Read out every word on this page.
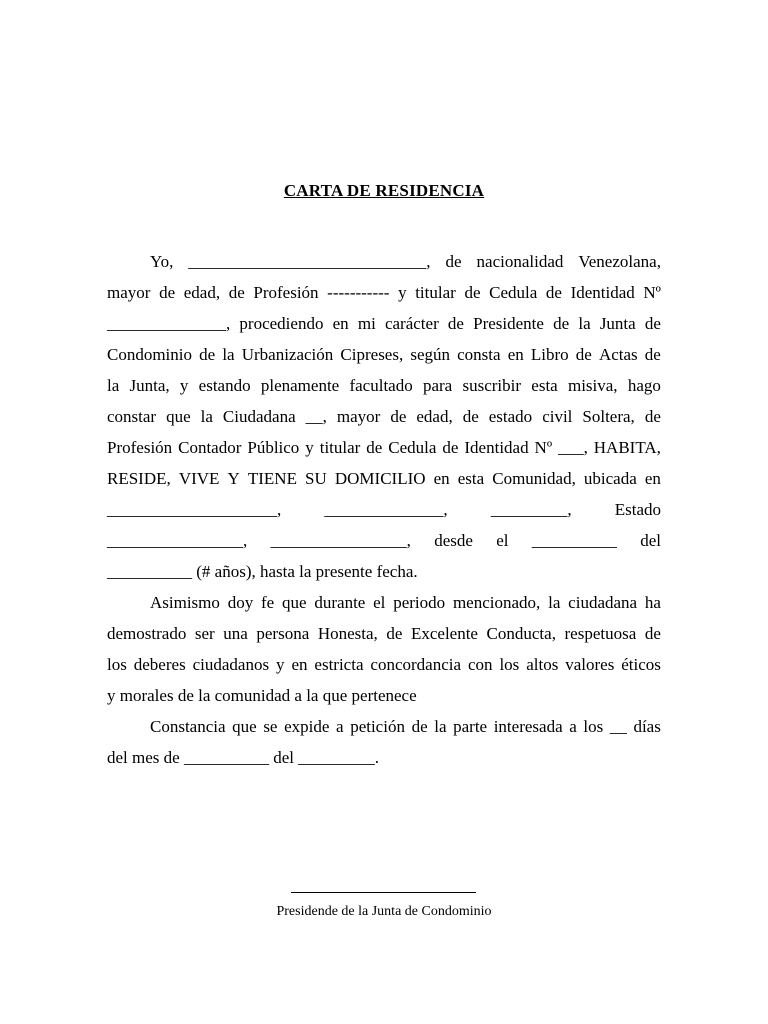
CARTA DE RESIDENCIA
Yo, ____________________________, de nacionalidad Venezolana,
mayor de edad, de Profesión ----------- y titular de Cedula de Identidad Nº
______________, procediendo en mi carácter de Presidente de la Junta de
Condominio de la Urbanización Cipreses, según consta en Libro de Actas de
la Junta, y estando plenamente facultado para suscribir esta misiva, hago
constar que la Ciudadana __, mayor de edad, de estado civil Soltera, de
Profesión Contador Público y titular de Cedula de Identidad Nº ___, HABITA,
RESIDE, VIVE Y TIENE SU DOMICILIO en esta Comunidad, ubicada en
____________________,	______________,	_________,	Estado
________________, ________________, desde el __________ del
__________ (# años), hasta la presente fecha.
Asimismo doy fe que durante el periodo mencionado, la ciudadana ha
demostrado ser una persona Honesta, de Excelente Conducta, respetuosa de
los deberes ciudadanos y en estricta concordancia con los altos valores éticos
y morales de la comunidad a la que pertenece
Constancia que se expide a petición de la parte interesada a los __ días
del mes de __________ del _________.
Presidende de la Junta de Condominio
